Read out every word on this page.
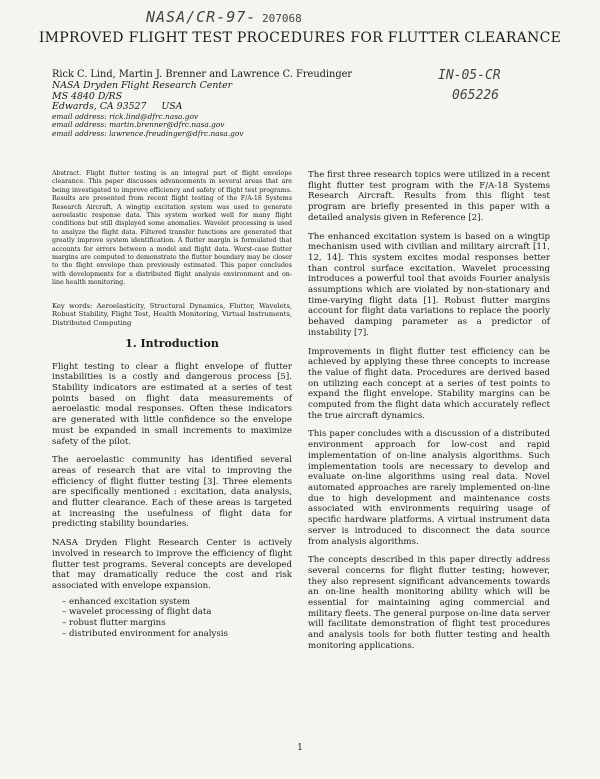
NASA/CR-97- 207068
IN-05-CR
065226
IMPROVED FLIGHT TEST PROCEDURES FOR FLUTTER CLEARANCE
Rick C. Lind, Martin J. Brenner and Lawrence C. Freudinger
NASA Dryden Flight Research Center
MS 4840 D/RS
Edwards, CA 93527     USA
email address: rick.lind@dfrc.nasa.gov
email address: martin.brenner@dfrc.nasa.gov
email address: lawrence.freudinger@dfrc.nasa.gov
Abstract. Flight flutter testing is an integral part of flight envelope clearance. This paper discusses advancements in several areas that are being investigated to improve efficiency and safety of flight test programs. Results are presented from recent flight testing of the F/A-18 Systems Research Aircraft. A wingtip excitation system was used to generate aeroelastic response data. This system worked well for many flight conditions but still displayed some anomalies. Wavelet processing is used to analyze the flight data. Filtered transfer functions are generated that greatly improve system identification. A flutter margin is formulated that accounts for errors between a model and flight data. Worst-case flutter margins are computed to demonstrate the flutter boundary may be closer to the flight envelope than previously estimated. This paper concludes with developments for a distributed flight analysis environment and on-line health monitoring.
Key words: Aeroelasticity, Structural Dynamics, Flutter, Wavelets, Robust Stability, Flight Test, Health Monitoring, Virtual Instruments, Distributed Computing
1. Introduction

Flight testing to clear a flight envelope of flutter instabilities is a costly and dangerous process [5]. Stability indicators are estimated at a series of test points based on flight data measurements of aeroelastic modal responses. Often these indicators are generated with little confidence so the envelope must be expanded in small increments to maximize safety of the pilot.

The aeroelastic community has identified several areas of research that are vital to improving the efficiency of flight flutter testing [3]. Three elements are specifically mentioned : excitation, data analysis, and flutter clearance. Each of these areas is targeted at increasing the usefulness of flight data for predicting stability boundaries.

NASA Dryden Flight Research Center is actively involved in research to improve the efficiency of flight flutter test programs. Several concepts are developed that may dramatically reduce the cost and risk associated with envelope expansion.

– enhanced excitation system
– wavelet processing of flight data
– robust flutter margins
– distributed environment for analysis

The first three research topics were utilized in a recent flight flutter test program with the F/A-18 Systems Research Aircraft. Results from this flight test program are briefly presented in this paper with a detailed analysis given in Reference [2].

The enhanced excitation system is based on a wingtip mechanism used with civilian and military aircraft [11, 12, 14]. This system excites modal responses better than control surface excitation. Wavelet processing introduces a powerful tool that avoids Fourier analysis assumptions which are violated by non-stationary and time-varying flight data [1]. Robust flutter margins account for flight data variations to replace the poorly behaved damping parameter as a predictor of instability [7].

Improvements in flight flutter test efficiency can be achieved by applying these three concepts to increase the value of flight data. Procedures are derived based on utilizing each concept at a series of test points to expand the flight envelope. Stability margins can be computed from the flight data which accurately reflect the true aircraft dynamics.

This paper concludes with a discussion of a distributed environment approach for low-cost and rapid implementation of on-line analysis algorithms. Such implementation tools are necessary to develop and evaluate on-line algorithms using real data. Novel automated approaches are rarely implemented on-line due to high development and maintenance costs associated with environments requiring usage of specific hardware platforms. A virtual instrument data server is introduced to disconnect the data source from analysis algorithms.

The concepts described in this paper directly address several concerns for flight flutter testing; however, they also represent significant advancements towards an on-line health monitoring ability which will be essential for maintaining aging commercial and military fleets. The general purpose on-line data server will facilitate demonstration of flight test procedures and analysis tools for both flutter testing and health monitoring applications.

1
